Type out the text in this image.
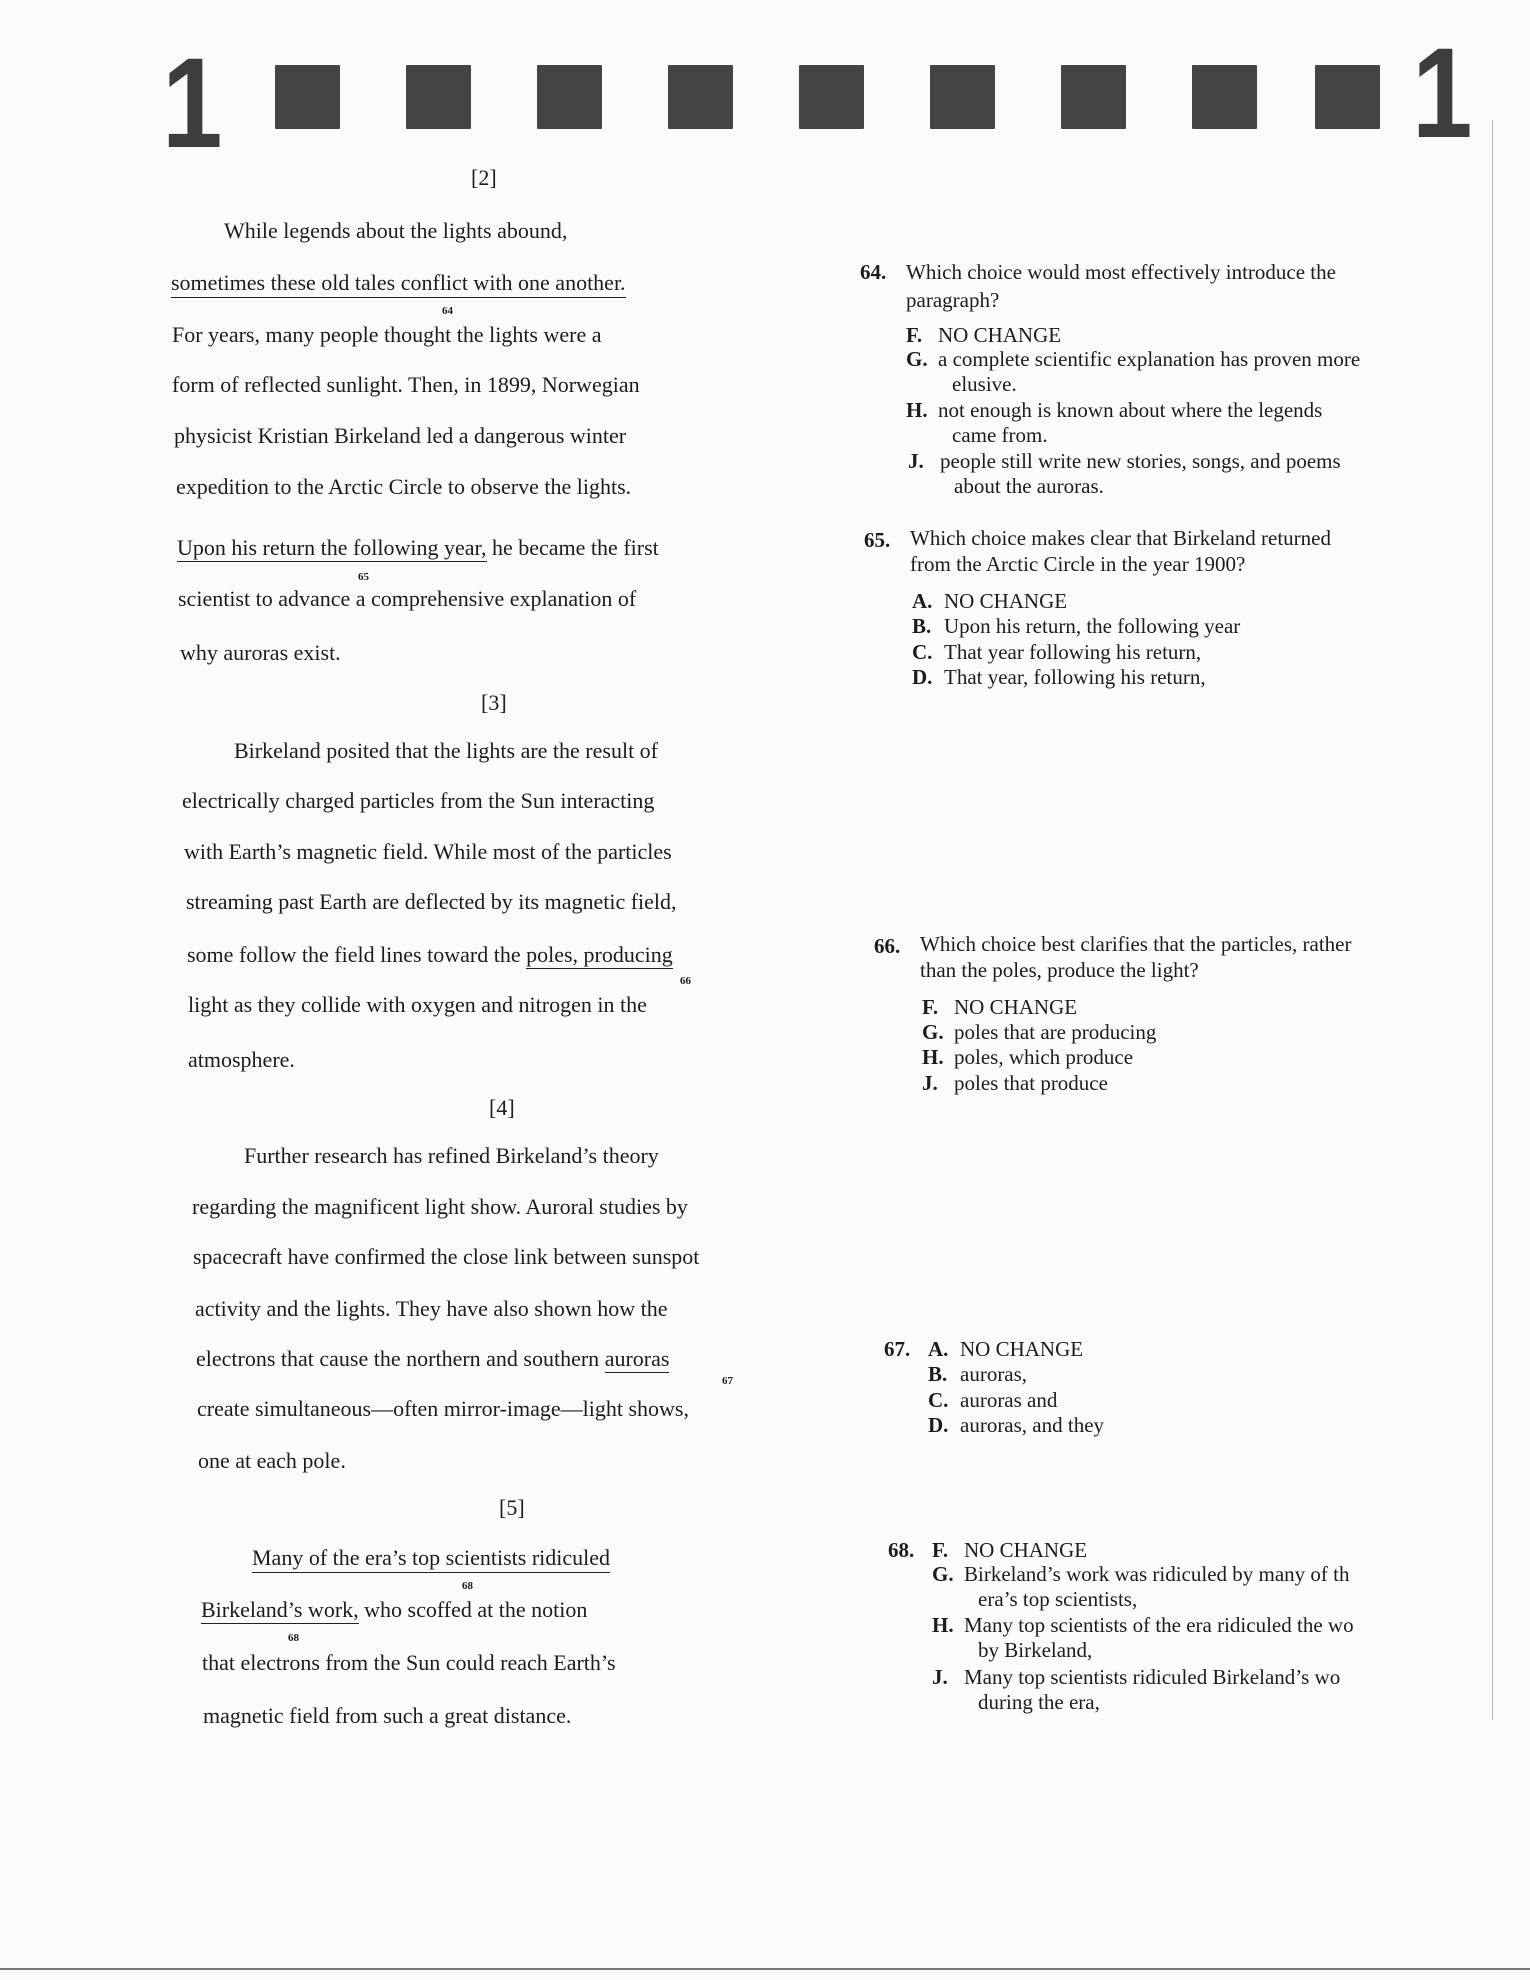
1	1
[2]
While legends about the lights abound,
sometimes these old tales conflict with one another.
64
For years, many people thought the lights were a
form of reflected sunlight. Then, in 1899, Norwegian
physicist Kristian Birkeland led a dangerous winter
expedition to the Arctic Circle to observe the lights.
Upon his return the following year, he became the first
65
scientist to advance a comprehensive explanation of
why auroras exist.
[3]
Birkeland posited that the lights are the result of
electrically charged particles from the Sun interacting
with Earth’s magnetic field. While most of the particles
streaming past Earth are deflected by its magnetic field,
some follow the field lines toward the poles, producing
66
light as they collide with oxygen and nitrogen in the
atmosphere.
[4]
Further research has refined Birkeland’s theory
regarding the magnificent light show. Auroral studies by
spacecraft have confirmed the close link between sunspot
activity and the lights. They have also shown how the
electrons that cause the northern and southern auroras
67
create simultaneous—often mirror-image—light shows,
one at each pole.
[5]
Many of the era’s top scientists ridiculed
68
Birkeland’s work, who scoffed at the notion
68
that electrons from the Sun could reach Earth’s
magnetic field from such a great distance.
64. Which choice would most effectively introduce the
paragraph?
F. NO CHANGE
G. a complete scientific explanation has proven more
elusive.
H. not enough is known about where the legends
came from.
J. people still write new stories, songs, and poems
about the auroras.
65. Which choice makes clear that Birkeland returned
from the Arctic Circle in the year 1900?
A. NO CHANGE
B. Upon his return, the following year
C. That year following his return,
D. That year, following his return,
66. Which choice best clarifies that the particles, rather
than the poles, produce the light?
F. NO CHANGE
G. poles that are producing
H. poles, which produce
J. poles that produce
67. A. NO CHANGE
B. auroras,
C. auroras and
D. auroras, and they
68. F. NO CHANGE
G. Birkeland’s work was ridiculed by many of th
era’s top scientists,
H. Many top scientists of the era ridiculed the wo
by Birkeland,
J. Many top scientists ridiculed Birkeland’s wo
during the era,
